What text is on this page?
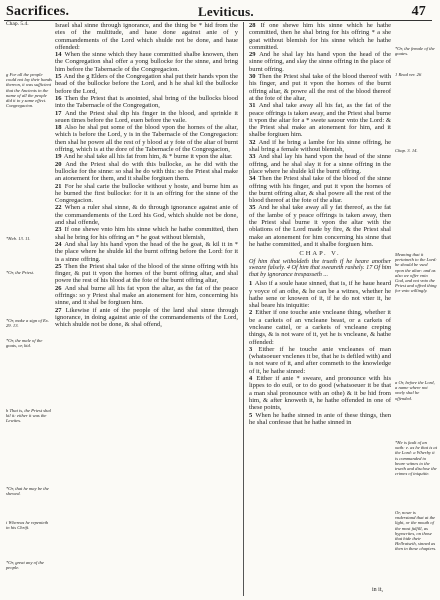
Sacrifices.	Leviticus.	47

Israel shal sinne through ignorance, and the thing be * hid from the eies of the multitude, and haue done against anie of y commandements of the Lord which shulde not be done, and haue offended:

14 When the sinne which they haue committed shalbe knowen, then the Congregation shal offer a yong bullocke for the sinne, and bring him before the Tabernacle of the Congregacion.

15 And the g Elders of the Congregation shal put their hands vpon the head of the bullocke before the Lord, and h he shal kil the bullocke before the Lord,

16 Then the Priest that is anointed, shal bring of the bullocks blood into the Tabernacle of the Congregation,

17 And the Priest shal dip his finger in the blood, and sprinkle it seuen times before the Lord, euen before the vaile.

18 Also he shal put some of the blood vpon the hornes of the altar, which is before the Lord, y is in the Tabernacle of the Congregacion: then shal he powre all the rest of y blood at y fote of the altar of burnt offring, which is at the dore of the Tabernacle of the Congregacion,

19 And he shal take all his fat from him, & * burne it vpon the altar.

20 And the Priest shal do with this bullocke, as he did with the bullocke for the sinne: so shal he do with this: so the Priest shal make an atonement for them, and it shalbe forgiuen them.

21 For he shal carie the bullocke without y hoste, and burne him as he burned the first bullocke: for it is an offring for the sinne of the Congregacion.

22 When a ruler shal sinne, & do through ignorance against anie of the commandements of the Lord his God, which shulde not be done, and shal offende,

23 If one shewe vnto him his sinne which he hathe committed, then shal he bring for his offring an * he goat without blemish,

24 And shal lay his hand vpon the head of the he goat, & kil it in * the place where he shulde kil the burnt offring before the Lord: for it is a sinne offring.

25 Then the Priest shal take of the blood of the sinne offring with his finger, & put it vpon the hornes of the burnt offring altar, and shal powre the rest of his blood at the fote of the burnt offring altar,

26 And shal burne all his fat vpon the altar, as the fat of the peace offrings: so y Priest shal make an atonement for him, concerning his sinne, and it shal be forgiuen him.

27 Likewise if anie of the people of the land shal sinne through ignorance, in doing against anie of the commandements of the Lord, which shulde not be done, & shal offend,

28 If one shewe him his sinne which he hathe committed, then he shal bring for his offring * a she goat without blemish for his sinne which he hathe committed.

29 And he shal lay his hand vpon the head of the sinne offring, and slay the sinne offring in the place of burnt offring.

30 Then the Priest shal take of the blood thereof with his finger, and put it vpon the hornes of the burnt offring altar, & powre all the rest of the blood thereof at the fote of the altar,

31 And shal take away all his fat, as the fat of the peace offrings is taken away, and the Priest shal burne it vpon the altar for a * swete sauour vnto the Lord: & the Priest shal make an atonement for him, and it shalbe forgiuen him.

32 And if he bring a lambe for his sinne offring, he shal bring a female without blemish,

33 And shal lay his hand vpon the head of the sinne offring, and he shal slay it for a sinne offring in the place where he shulde kil the burnt offring.

34 Then the Priest shal take of the blood of the sinne offring with his finger, and put it vpon the hornes of the burnt offring altar, & shal powre all the rest of the blood thereof at the fote of the altar.

35 And he shal take away all y fat thereof, as the fat of the lambe of y peace offrings is taken away, then the Priest shal burne it vpon the altar with the oblations of the Lord made by fire, & the Priest shal make an atonement for him concerning his sinne that he hathe committed, and it shalbe forgiuen him.

CHAP. V.
Of him that witholdeth the trueth if he heare another sweare falsely. 4 Of him that sweareth rashely. 17 Of him that by ignorance trespasseth ...

1 Also if a soule haue sinned, that is, if he haue heard y voyce of an othe, & he can be a witnes, whether he hathe sene or knowen of it, if he do not vtter it, he shal beare his iniquitie:

2 Either if one touche anie vncleane thing, whether it be a carkeis of an vncleane beast, or a carkeis of vncleane cattel, or a carkeis of vncleane creping things, & is not ware of it, yet he is vncleane, & hathe offended:

3 Either if he touche anie vncleanes of man (whatsoeuer vnclenes it be, that he is defiled with) and is not ware of it, and after commeth to the knowledge of it, he hathe sinned:

4 Either if anie * sweare, and pronounce with his lippes to do euil, or to do good (whatsoeuer it be that a man shal pronounce with an othe) & it be hid from him, & after knoweth it, he hathe offended in one of these points,

5 When he hathe sinned in anie of these things, then he shal confesse that he hathe sinned in

Chap. 5.4.
g For all the people could not lay their hands thereon, it was sufficient that the Ancients in the name of all the people did it to y same effect. Congregacion.
*Heb. 13. 11.
*Or, the Priest.
*Or, make a sign of Ex. 29. 13.
*Or, the male of the goats, or, kid.
h That is, the Priest shal kil it: either it was the Lewites.
*Or, that he may be the shewed.
i Whereas he repenteth in his Chrift.
*Or, great any of the people.
*Or, the female of the goates.
1 Read ver. 26
Chap. 3. 14.
Meaning that it pertaineth to the Lord: he should be vsed vpon the altar: and as also we offer vnto God, and not vnto the Priest and offred thing for vnto willingly.
a Or, before the Lord, a name where not onely shal he offended.
*He is fault of an oath: e. as he that is at the Lord: a Wherby it is commanded to beare witnes to the trueth and disclose the crimes of iniquitie.
Or, nowe is vnderstand that at the light, or the mouth of the most fulfill, as hypocrites, on those that hide their Hellraiseth, sinned as then in these chapters.
in it,
